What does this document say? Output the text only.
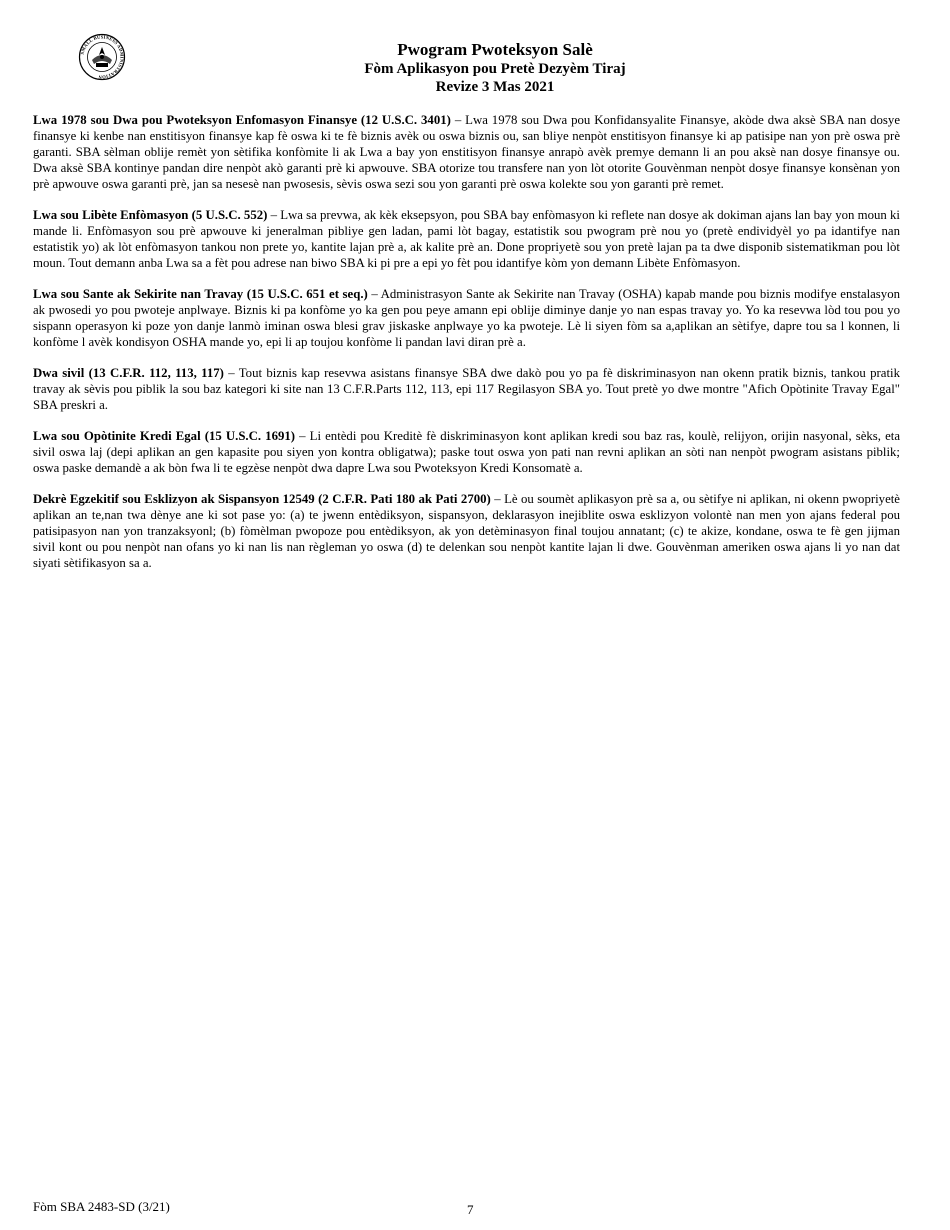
SMALL BUSINESS ADMINISTRATION
Pwogram Pwoteksyon Salè
Fòm Aplikasyon pou Pretè Dezyèm Tiraj
Revize 3 Mas 2021

Lwa 1978 sou Dwa pou Pwoteksyon Enfomasyon Finansye (12 U.S.C. 3401) – Lwa 1978 sou Dwa pou Konfidansyalite Finansye, akòde dwa aksè SBA nan dosye finansye ki kenbe nan enstitisyon finansye kap fè oswa ki te fè biznis avèk ou oswa biznis ou, san bliye nenpòt enstitisyon finansye ki ap patisipe nan yon prè oswa prè garanti. SBA sèlman oblije remèt yon sètifika konfòmite li ak Lwa a bay yon enstitisyon finansye anrapò avèk premye demann li an pou aksè nan dosye finansye ou. Dwa aksè SBA kontinye pandan dire nenpòt akò garanti prè ki apwouve. SBA otorize tou transfere nan yon lòt otorite Gouvènman nenpòt dosye finansye konsènan yon prè apwouve oswa garanti prè, jan sa nesesè nan pwosesis, sèvis oswa sezi sou yon garanti prè oswa kolekte sou yon garanti prè remet.

Lwa sou Libète Enfòmasyon (5 U.S.C. 552) – Lwa sa prevwa, ak kèk eksepsyon, pou SBA bay enfòmasyon ki reflete nan dosye ak dokiman ajans lan bay yon moun ki mande li. Enfòmasyon sou prè apwouve ki jeneralman pibliye gen ladan, pami lòt bagay, estatistik sou pwogram prè nou yo (pretè endividyèl yo pa idantifye nan estatistik yo) ak lòt enfòmasyon tankou non prete yo, kantite lajan prè a, ak kalite prè an. Done propriyetè sou yon pretè lajan pa ta dwe disponib sistematikman pou lòt moun. Tout demann anba Lwa sa a fèt pou adrese nan biwo SBA ki pi pre a epi yo fèt pou idantifye kòm yon demann Libète Enfòmasyon.

Lwa sou Sante ak Sekirite nan Travay (15 U.S.C. 651 et seq.) – Administrasyon Sante ak Sekirite nan Travay (OSHA) kapab mande pou biznis modifye enstalasyon ak pwosedi yo pou pwoteje anplwaye. Biznis ki pa konfòme yo ka gen pou peye amann epi oblije diminye danje yo nan espas travay yo. Yo ka resevwa lòd tou pou yo sispann operasyon ki poze yon danje lanmò iminan oswa blesi grav jiskaske anplwaye yo ka pwoteje. Lè li siyen fòm sa a,aplikan an sètifye, dapre tou sa l konnen, li konfòme l avèk kondisyon OSHA mande yo, epi li ap toujou konfòme li pandan lavi diran prè a.

Dwa sivil (13 C.F.R. 112, 113, 117) – Tout biznis kap resevwa asistans finansye SBA dwe dakò pou yo pa fè diskriminasyon nan okenn pratik biznis, tankou pratik travay ak sèvis pou piblik la sou baz kategori ki site nan 13 C.F.R.Parts 112, 113, epi 117 Regilasyon SBA yo. Tout pretè yo dwe montre "Afich Opòtinite Travay Egal" SBA preskri a.

Lwa sou Opòtinite Kredi Egal (15 U.S.C. 1691) – Li entèdi pou Kreditè fè diskriminasyon kont aplikan kredi sou baz ras, koulè, relijyon, orijin nasyonal, sèks, eta sivil oswa laj (depi aplikan an gen kapasite pou siyen yon kontra obligatwa); paske tout oswa yon pati nan revni aplikan an sòti nan nenpòt pwogram asistans piblik; oswa paske demandè a ak bòn fwa li te egzèse nenpòt dwa dapre Lwa sou Pwoteksyon Kredi Konsomatè a.

Dekrè Egzekitif sou Esklizyon ak Sispansyon 12549 (2 C.F.R. Pati 180 ak Pati 2700) – Lè ou soumèt aplikasyon prè sa a, ou sètifye ni aplikan, ni okenn pwopriyetè aplikan an te,nan twa dènye ane ki sot pase yo: (a) te jwenn entèdiksyon, sispansyon, deklarasyon inejiblite oswa esklizyon volontè nan men yon ajans federal pou patisipasyon nan yon tranzaksyonl; (b) fòmèlman pwopoze pou entèdiksyon, ak yon detèminasyon final toujou annatant; (c) te akize, kondane, oswa te fè gen jijman sivil kont ou pou nenpòt nan ofans yo ki nan lis nan règleman yo oswa (d) te delenkan sou nenpòt kantite lajan li dwe. Gouvènman ameriken oswa ajans li yo nan dat siyati sètifikasyon sa a.

Fòm SBA 2483-SD (3/21)	7
